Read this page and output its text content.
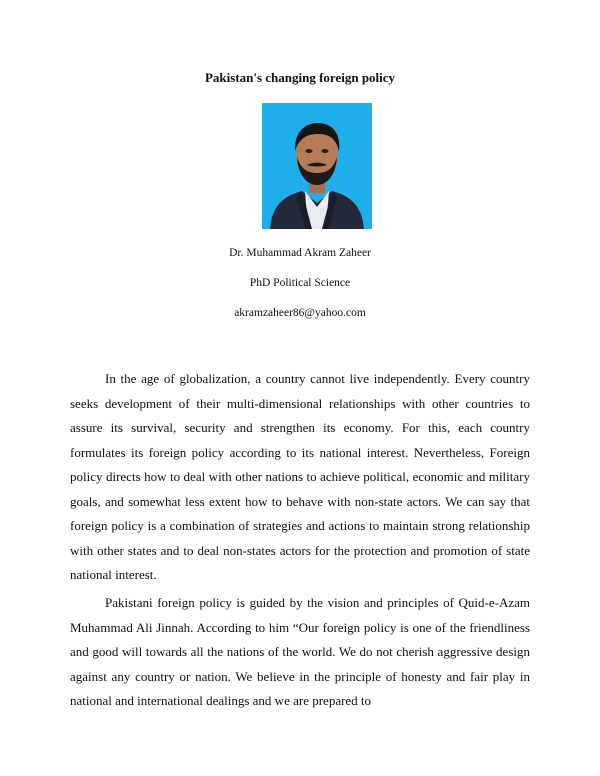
Pakistan's changing foreign policy
Dr. Muhammad Akram Zaheer
PhD Political Science
akramzaheer86@yahoo.com

In the age of globalization, a country cannot live independently. Every country seeks development of their multi-dimensional relationships with other countries to assure its survival, security and strengthen its economy. For this, each country formulates its foreign policy according to its national interest. Nevertheless, Foreign policy directs how to deal with other nations to achieve political, economic and military goals, and somewhat less extent how to behave with non-state actors. We can say that foreign policy is a combination of strategies and actions to maintain strong relationship with other states and to deal non-states actors for the protection and promotion of state national interest.

Pakistani foreign policy is guided by the vision and principles of Quid-e-Azam Muhammad Ali Jinnah. According to him “Our foreign policy is one of the friendliness and good will towards all the nations of the world. We do not cherish aggressive design against any country or nation. We believe in the principle of honesty and fair play in national and international dealings and we are prepared to
